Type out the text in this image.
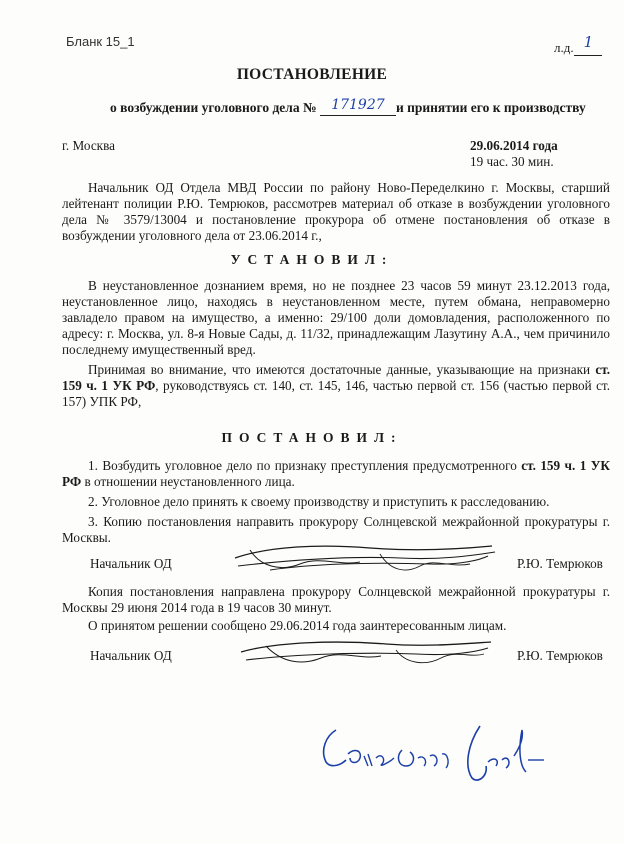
Бланк 15_1	л.д. 1
ПОСТАНОВЛЕНИЕ
о возбуждении уголовного дела № 171927 и принятии его к производству
г. Москва	29.06.2014 года
19 час. 30 мин.

Начальник ОД Отдела МВД России по району Ново-Переделкино г. Москвы, старший лейтенант полиции Р.Ю. Темрюков, рассмотрев материал об отказе в возбуждении уголовного дела № 3579/13004 и постановление прокурора об отмене постановления об отказе в возбуждении уголовного дела от 23.06.2014 г.,

УСТАНОВИЛ:

В неустановленное дознанием время, но не позднее 23 часов 59 минут 23.12.2013 года, неустановленное лицо, находясь в неустановленном месте, путем обмана, неправомерно завладело правом на имущество, а именно: 29/100 доли домовладения, расположенного по адресу: г. Москва, ул. 8-я Новые Сады, д. 11/32, принадлежащим Лазутину А.А., чем причинило последнему имущественный вред.

Принимая во внимание, что имеются достаточные данные, указывающие на признаки ст. 159 ч. 1 УК РФ, руководствуясь ст. 140, ст. 145, 146, частью первой ст. 156 (частью первой ст. 157) УПК РФ,

ПОСТАНОВИЛ:

1. Возбудить уголовное дело по признаку преступления предусмотренного ст. 159 ч. 1 УК РФ в отношении неустановленного лица.

2. Уголовное дело принять к своему производству и приступить к расследованию.

3. Копию постановления направить прокурору Солнцевской межрайонной прокуратуры г. Москвы.

Начальник ОД	Р.Ю. Темрюков

Копия постановления направлена прокурору Солнцевской межрайонной прокуратуры г. Москвы 29 июня 2014 года в 19 часов 30 минут.

О принятом решении сообщено 29.06.2014 года заинтересованным лицам.

Начальник ОД	Р.Ю. Темрюков
